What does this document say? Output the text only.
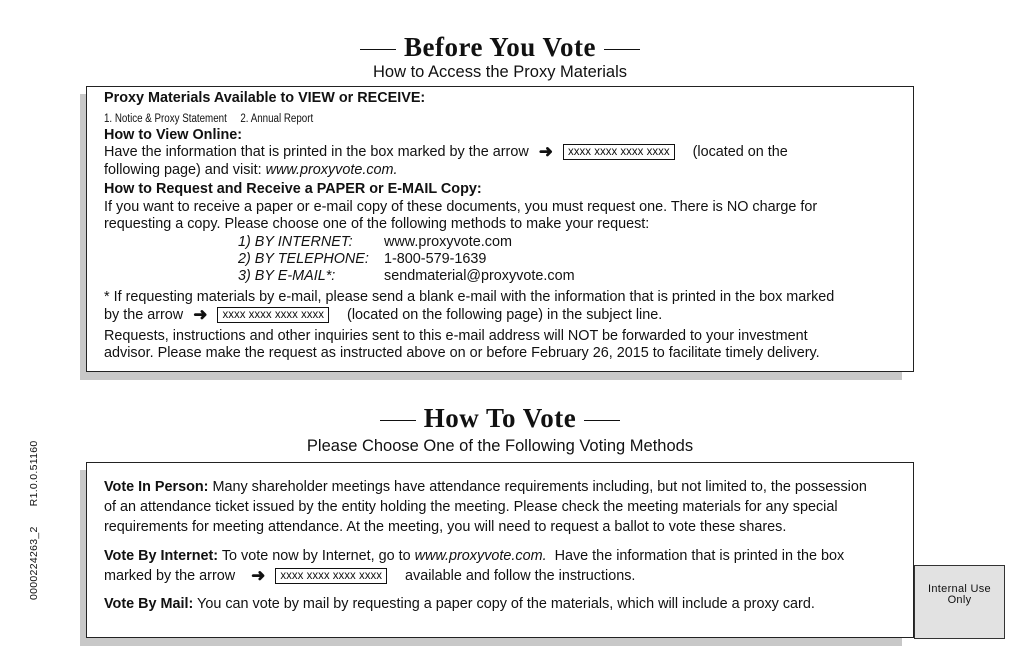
Before You Vote
How to Access the Proxy Materials
Proxy Materials Available to VIEW or RECEIVE:
1. Notice & Proxy Statement     2. Annual Report
How to View Online:
Have the information that is printed in the box marked by the arrow ➜ xxxx xxxx xxxx xxxx (located on the
following page) and visit: www.proxyvote.com.
How to Request and Receive a PAPER or E-MAIL Copy:
If you want to receive a paper or e-mail copy of these documents, you must request one. There is NO charge for
requesting a copy. Please choose one of the following methods to make your request:
1) BY INTERNET: www.proxyvote.com
2) BY TELEPHONE: 1-800-579-1639
3) BY E-MAIL*:	sendmaterial@proxyvote.com
* If requesting materials by e-mail, please send a blank e-mail with the information that is printed in the box marked
by the arrow ➜ xxxx xxxx xxxx xxxx (located on the following page) in the subject line.
Requests, instructions and other inquiries sent to this e-mail address will NOT be forwarded to your investment
advisor. Please make the request as instructed above on or before February 26, 2015 to facilitate timely delivery.
How To Vote
Please Choose One of the Following Voting Methods
Vote In Person: Many shareholder meetings have attendance requirements including, but not limited to, the possession
of an attendance ticket issued by the entity holding the meeting. Please check the meeting materials for any special
requirements for meeting attendance. At the meeting, you will need to request a ballot to vote these shares.
Vote By Internet: To vote now by Internet, go to www.proxyvote.com. Have the information that is printed in the box
marked by the arrow ➜ xxxx xxxx xxxx xxxx available and follow the instructions.
Vote By Mail: You can vote by mail by requesting a paper copy of the materials, which will include a proxy card.
0000224263_2R1.0.0.51160
Internal Use
Only
